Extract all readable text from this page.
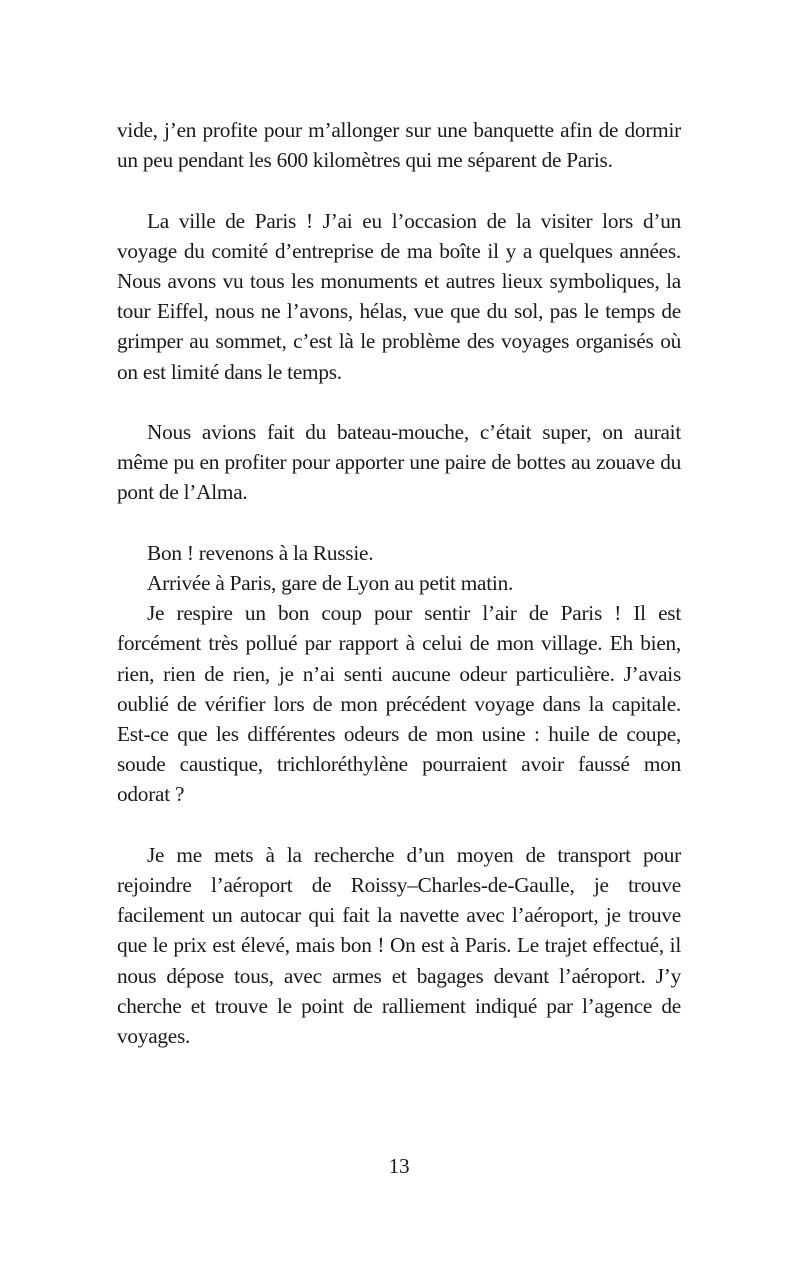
vide, j’en profite pour m’allonger sur une banquette afin de dormir un peu pendant les 600 kilomètres qui me séparent de Paris.

La ville de Paris ! J’ai eu l’occasion de la visiter lors d’un voyage du comité d’entreprise de ma boîte il y a quelques années. Nous avons vu tous les monuments et autres lieux symboliques, la tour Eiffel, nous ne l’avons, hélas, vue que du sol, pas le temps de grimper au sommet, c’est là le problème des voyages organisés où on est limité dans le temps.

Nous avions fait du bateau-mouche, c’était super, on aurait même pu en profiter pour apporter une paire de bottes au zouave du pont de l’Alma.

Bon ! revenons à la Russie.

Arrivée à Paris, gare de Lyon au petit matin.

Je respire un bon coup pour sentir l’air de Paris ! Il est forcément très pollué par rapport à celui de mon village. Eh bien, rien, rien de rien, je n’ai senti aucune odeur particulière. J’avais oublié de vérifier lors de mon précédent voyage dans la capitale. Est-ce que les différentes odeurs de mon usine : huile de coupe, soude caustique, trichloréthylène pourraient avoir faussé mon odorat ?

Je me mets à la recherche d’un moyen de transport pour rejoindre l’aéroport de Roissy–Charles-de-Gaulle, je trouve facilement un autocar qui fait la navette avec l’aéroport, je trouve que le prix est élevé, mais bon ! On est à Paris. Le trajet effectué, il nous dépose tous, avec armes et bagages devant l’aéroport. J’y cherche et trouve le point de ralliement indiqué par l’agence de voyages.

13
